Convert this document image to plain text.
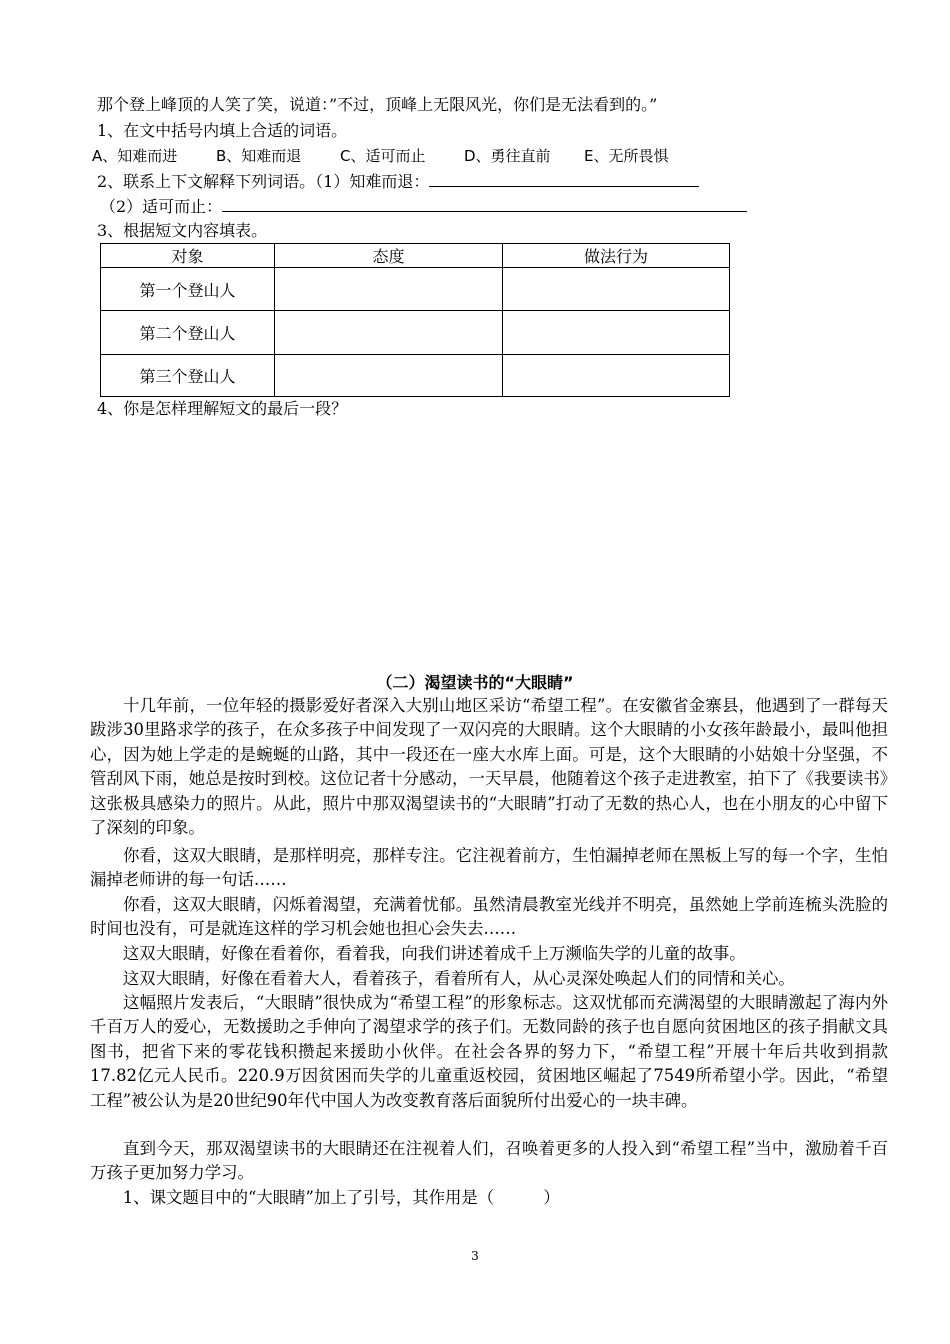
那个登上峰顶的人笑了笑，说道：”不过，顶峰上无限风光，你们是无法看到的。”
1、在文中括号内填上合适的词语。
A、知难而进	B、知难而退	C、适可而止	D、勇往直前 E、无所畏惧
2、联系上下文解释下列词语。（1）知难而退：
（2）适可而止：
3、根据短文内容填表。
对象	态度	做法行为
第一个登山人		
第二个登山人		
第三个登山人		
4、你是怎样理解短文的最后一段？
（二）渴望读书的“大眼睛”
十几年前，一位年轻的摄影爱好者深入大别山地区采访“希望工程”。在安徽省金寨县，他遇到了一群每天跋涉30里路求学的孩子，在众多孩子中间发现了一双闪亮的大眼睛。这个大眼睛的小女孩年龄最小，最叫他担心，因为她上学走的是蜿蜒的山路，其中一段还在一座大水库上面。可是，这个大眼睛的小姑娘十分坚强，不管刮风下雨，她总是按时到校。这位记者十分感动，一天早晨，他随着这个孩子走进教室，拍下了《我要读书》这张极具感染力的照片。从此，照片中那双渴望读书的“大眼睛”打动了无数的热心人，也在小朋友的心中留下了深刻的印象。
你看，这双大眼睛，是那样明亮，那样专注。它注视着前方，生怕漏掉老师在黑板上写的每一个字，生怕漏掉老师讲的每一句话……
你看，这双大眼睛，闪烁着渴望，充满着忧郁。虽然清晨教室光线并不明亮，虽然她上学前连梳头洗脸的时间也没有，可是就连这样的学习机会她也担心会失去……
这双大眼睛，好像在看着你，看着我，向我们讲述着成千上万濒临失学的儿童的故事。
这双大眼睛，好像在看着大人，看着孩子，看着所有人，从心灵深处唤起人们的同情和关心。
这幅照片发表后，“大眼睛”很快成为“希望工程”的形象标志。这双忧郁而充满渴望的大眼睛激起了海内外千百万人的爱心，无数援助之手伸向了渴望求学的孩子们。无数同龄的孩子也自愿向贫困地区的孩子捐献文具图书，把省下来的零花钱积攒起来援助小伙伴。在社会各界的努力下，“希望工程”开展十年后共收到捐款17.82亿元人民币。220.9万因贫困而失学的儿童重返校园，贫困地区崛起了7549所希望小学。因此，“希望工程”被公认为是20世纪90年代中国人为改变教育落后面貌所付出爱心的一块丰碑。
直到今天，那双渴望读书的大眼睛还在注视着人们，召唤着更多的人投入到“希望工程”当中，激励着千百万孩子更加努力学习。
1、课文题目中的“大眼睛”加上了引号，其作用是（　　　）
3
